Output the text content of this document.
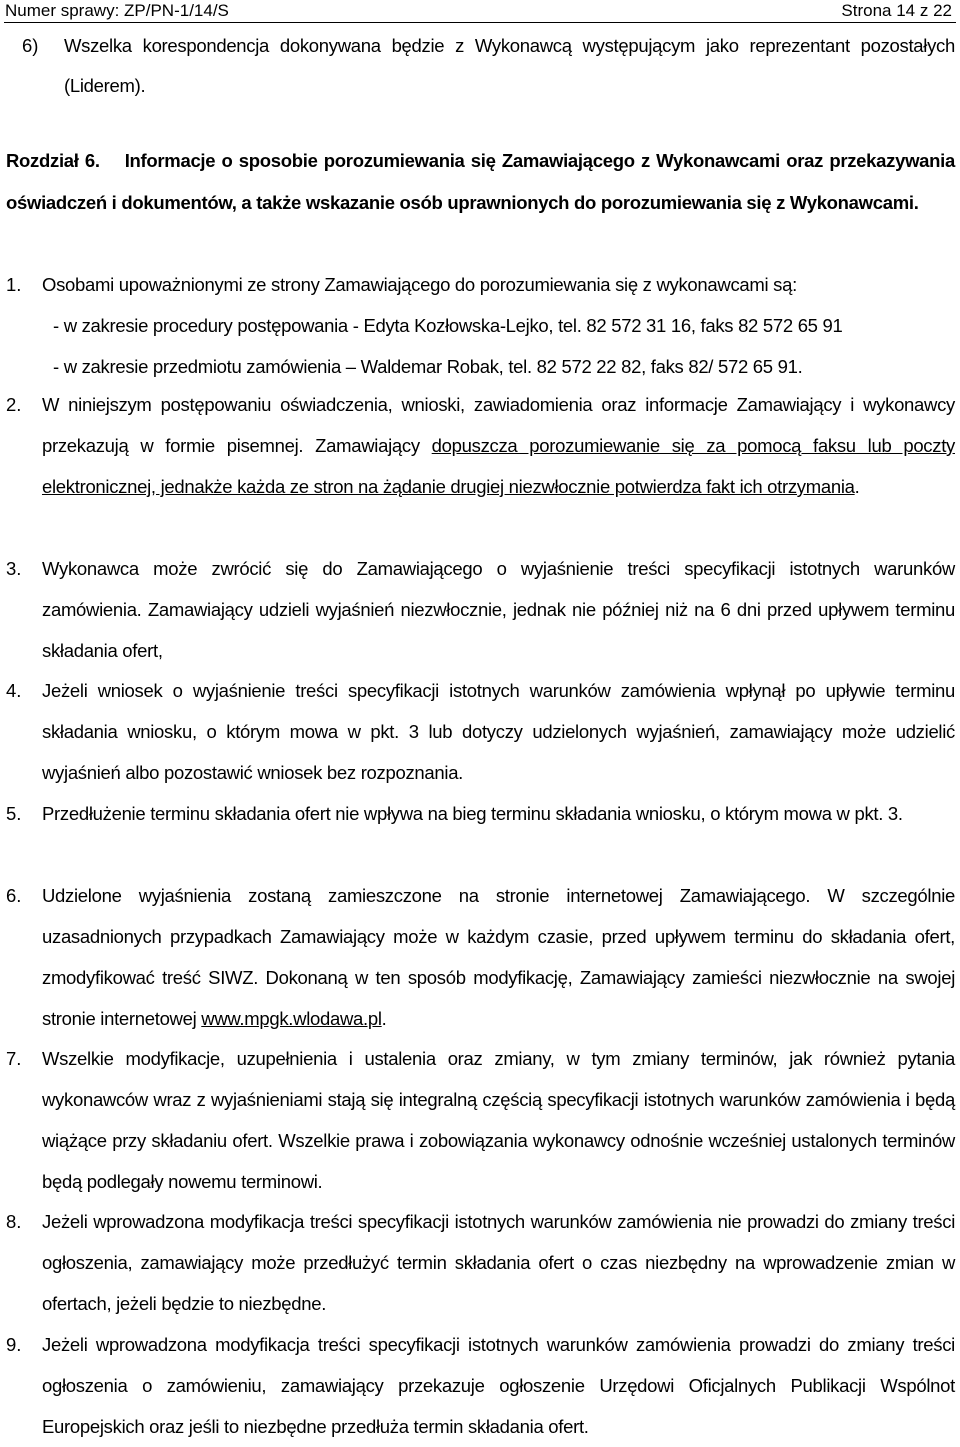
Numer sprawy: ZP/PN-1/14/S	Strona 14 z 22
6) Wszelka korespondencja dokonywana będzie z Wykonawcą występującym jako reprezentant pozostałych (Liderem).

Rozdział 6. Informacje o sposobie porozumiewania się Zamawiającego z Wykonawcami oraz przekazywania oświadczeń i dokumentów, a także wskazanie osób uprawnionych do porozumiewania się z Wykonawcami.
1. Osobami upoważnionymi ze strony Zamawiającego do porozumiewania się z wykonawcami są:

- w zakresie procedury postępowania - Edyta Kozłowska-Lejko, tel. 82 572 31 16, faks 82 572 65 91

- w zakresie przedmiotu zamówienia – Waldemar Robak, tel. 82 572 22 82, faks 82/ 572 65 91.

2. W niniejszym postępowaniu oświadczenia, wnioski, zawiadomienia oraz informacje Zamawiający i wykonawcy przekazują w formie pisemnej. Zamawiający dopuszcza porozumiewanie się za pomocą faksu lub poczty elektronicznej, jednakże każda ze stron na żądanie drugiej niezwłocznie potwierdza fakt ich otrzymania.
3. Wykonawca może zwrócić się do Zamawiającego o wyjaśnienie treści specyfikacji istotnych warunków zamówienia. Zamawiający udzieli wyjaśnień niezwłocznie, jednak nie później niż na 6 dni przed upływem terminu składania ofert,

4. Jeżeli wniosek o wyjaśnienie treści specyfikacji istotnych warunków zamówienia wpłynął po upływie terminu składania wniosku, o którym mowa w pkt. 3 lub dotyczy udzielonych wyjaśnień, zamawiający może udzielić wyjaśnień albo pozostawić wniosek bez rozpoznania.

5. Przedłużenie terminu składania ofert nie wpływa na bieg terminu składania wniosku, o którym mowa w pkt. 3.

6. Udzielone wyjaśnienia zostaną zamieszczone na stronie internetowej Zamawiającego. W szczególnie uzasadnionych przypadkach Zamawiający może w każdym czasie, przed upływem terminu do składania ofert, zmodyfikować treść SIWZ. Dokonaną w ten sposób modyfikację, Zamawiający zamieści niezwłocznie na swojej stronie internetowej www.mpgk.wlodawa.pl.
7. Wszelkie modyfikacje, uzupełnienia i ustalenia oraz zmiany, w tym zmiany terminów, jak również pytania wykonawców wraz z wyjaśnieniami stają się integralną częścią specyfikacji istotnych warunków zamówienia i będą wiążące przy składaniu ofert. Wszelkie prawa i zobowiązania wykonawcy odnośnie wcześniej ustalonych terminów będą podlegały nowemu terminowi.

8. Jeżeli wprowadzona modyfikacja treści specyfikacji istotnych warunków zamówienia nie prowadzi do zmiany treści ogłoszenia, zamawiający może przedłużyć termin składania ofert o czas niezbędny na wprowadzenie zmian w ofertach, jeżeli będzie to niezbędne.

9. Jeżeli wprowadzona modyfikacja treści specyfikacji istotnych warunków zamówienia prowadzi do zmiany treści ogłoszenia o zamówieniu, zamawiający przekazuje ogłoszenie Urzędowi Oficjalnych Publikacji Wspólnot Europejskich oraz jeśli to niezbędne przedłuża termin składania ofert.
